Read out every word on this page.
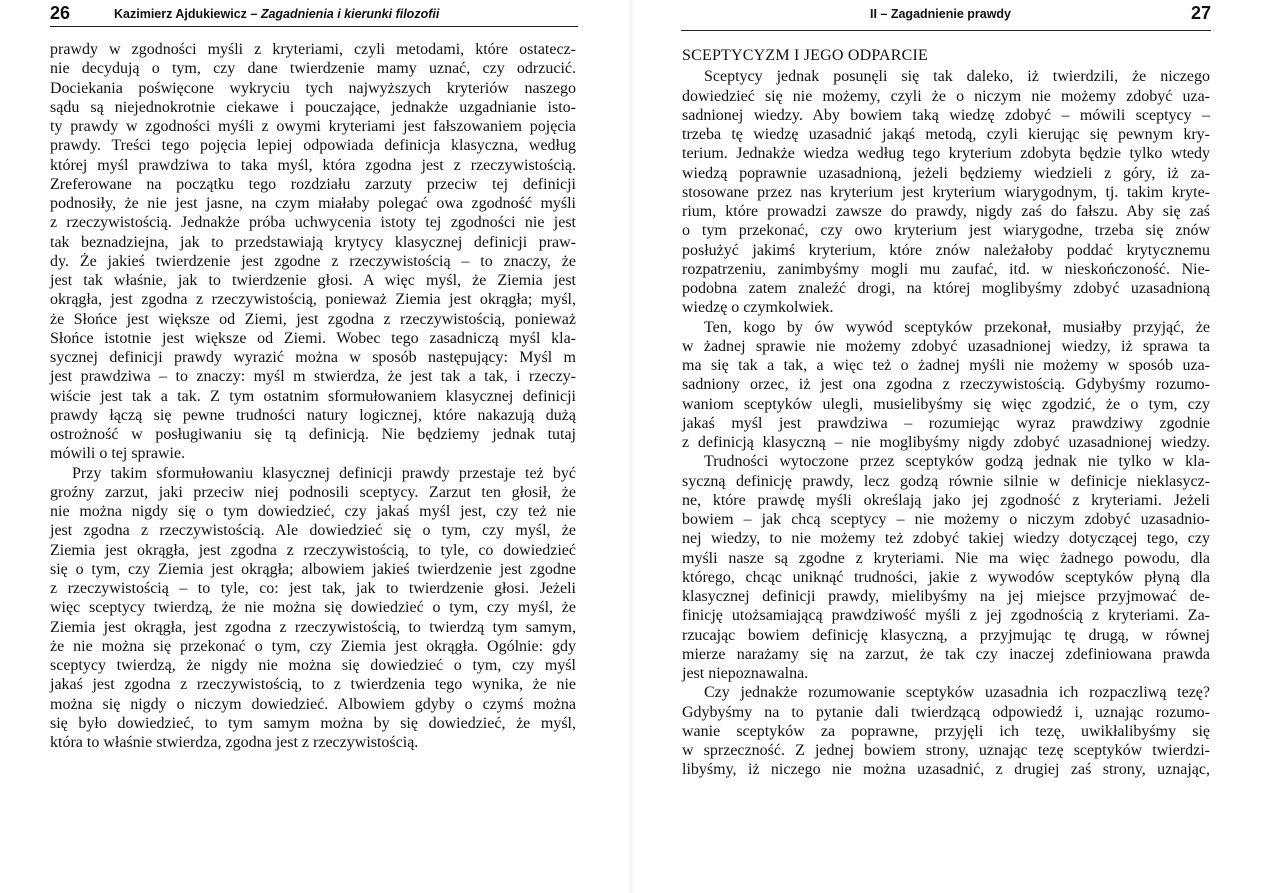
26	Kazimierz Ajdukiewicz – Zagadnienia i kierunki filozofii
prawdy w zgodności myśli z kryteriami, czyli metodami, które ostatecz-
nie decydują o tym, czy dane twierdzenie mamy uznać, czy odrzucić.
Dociekania poświęcone wykryciu tych najwyższych kryteriów naszego
sądu są niejednokrotnie ciekawe i pouczające, jednakże uzgadnianie isto-
ty prawdy w zgodności myśli z owymi kryteriami jest fałszowaniem pojęcia
prawdy. Treści tego pojęcia lepiej odpowiada definicja klasyczna, według
której myśl prawdziwa to taka myśl, która zgodna jest z rzeczywistością.
Zreferowane na początku tego rozdziału zarzuty przeciw tej definicji
podnosiły, że nie jest jasne, na czym miałaby polegać owa zgodność myśli
z rzeczywistością. Jednakże próba uchwycenia istoty tej zgodności nie jest
tak beznadziejna, jak to przedstawiają krytycy klasycznej definicji praw-
dy. Że jakieś twierdzenie jest zgodne z rzeczywistością – to znaczy, że
jest tak właśnie, jak to twierdzenie głosi. A więc myśl, że Ziemia jest
okrągła, jest zgodna z rzeczywistością, ponieważ Ziemia jest okrągła; myśl,
że Słońce jest większe od Ziemi, jest zgodna z rzeczywistością, ponieważ
Słońce istotnie jest większe od Ziemi. Wobec tego zasadniczą myśl kla-
sycznej definicji prawdy wyrazić można w sposób następujący: Myśl m
jest prawdziwa – to znaczy: myśl m stwierdza, że jest tak a tak, i rzeczy-
wiście jest tak a tak. Z tym ostatnim sformułowaniem klasycznej definicji
prawdy łączą się pewne trudności natury logicznej, które nakazują dużą
ostrożność w posługiwaniu się tą definicją. Nie będziemy jednak tutaj
mówili o tej sprawie.
Przy takim sformułowaniu klasycznej definicji prawdy przestaje też być
groźny zarzut, jaki przeciw niej podnosili sceptycy. Zarzut ten głosił, że
nie można nigdy się o tym dowiedzieć, czy jakaś myśl jest, czy też nie
jest zgodna z rzeczywistością. Ale dowiedzieć się o tym, czy myśl, że
Ziemia jest okrągła, jest zgodna z rzeczywistością, to tyle, co dowiedzieć
się o tym, czy Ziemia jest okrągła; albowiem jakieś twierdzenie jest zgodne
z rzeczywistością – to tyle, co: jest tak, jak to twierdzenie głosi. Jeżeli
więc sceptycy twierdzą, że nie można się dowiedzieć o tym, czy myśl, że
Ziemia jest okrągła, jest zgodna z rzeczywistością, to twierdzą tym samym,
że nie można się przekonać o tym, czy Ziemia jest okrągła. Ogólnie: gdy
sceptycy twierdzą, że nigdy nie można się dowiedzieć o tym, czy myśl
jakaś jest zgodna z rzeczywistością, to z twierdzenia tego wynika, że nie
można się nigdy o niczym dowiedzieć. Albowiem gdyby o czymś można
się było dowiedzieć, to tym samym można by się dowiedzieć, że myśl,
która to właśnie stwierdza, zgodna jest z rzeczywistością.
II – Zagadnienie prawdy	27
SCEPTYCYZM I JEGO ODPARCIE
Sceptycy jednak posunęli się tak daleko, iż twierdzili, że niczego
dowiedzieć się nie możemy, czyli że o niczym nie możemy zdobyć uza-
sadnionej wiedzy. Aby bowiem taką wiedzę zdobyć – mówili sceptycy –
trzeba tę wiedzę uzasadnić jakąś metodą, czyli kierując się pewnym kry-
terium. Jednakże wiedza według tego kryterium zdobyta będzie tylko wtedy
wiedzą poprawnie uzasadnioną, jeżeli będziemy wiedzieli z góry, iż za-
stosowane przez nas kryterium jest kryterium wiarygodnym, tj. takim kryte-
rium, które prowadzi zawsze do prawdy, nigdy zaś do fałszu. Aby się zaś
o tym przekonać, czy owo kryterium jest wiarygodne, trzeba się znów
posłużyć jakimś kryterium, które znów należałoby poddać krytycznemu
rozpatrzeniu, zanimbyśmy mogli mu zaufać, itd. w nieskończoność. Nie-
podobna zatem znaleźć drogi, na której moglibyśmy zdobyć uzasadnioną
wiedzę o czymkolwiek.
Ten, kogo by ów wywód sceptyków przekonał, musiałby przyjąć, że
w żadnej sprawie nie możemy zdobyć uzasadnionej wiedzy, iż sprawa ta
ma się tak a tak, a więc też o żadnej myśli nie możemy w sposób uza-
sadniony orzec, iż jest ona zgodna z rzeczywistością. Gdybyśmy rozumo-
waniom sceptyków ulegli, musielibyśmy się więc zgodzić, że o tym, czy
jakaś myśl jest prawdziwa – rozumiejąc wyraz prawdziwy zgodnie
z definicją klasyczną – nie moglibyśmy nigdy zdobyć uzasadnionej wiedzy.
Trudności wytoczone przez sceptyków godzą jednak nie tylko w kla-
syczną definicję prawdy, lecz godzą równie silnie w definicje nieklasycz-
ne, które prawdę myśli określają jako jej zgodność z kryteriami. Jeżeli
bowiem – jak chcą sceptycy – nie możemy o niczym zdobyć uzasadnio-
nej wiedzy, to nie możemy też zdobyć takiej wiedzy dotyczącej tego, czy
myśli nasze są zgodne z kryteriami. Nie ma więc żadnego powodu, dla
którego, chcąc uniknąć trudności, jakie z wywodów sceptyków płyną dla
klasycznej definicji prawdy, mielibyśmy na jej miejsce przyjmować de-
finicję utożsamiającą prawdziwość myśli z jej zgodnością z kryteriami. Za-
rzucając bowiem definicję klasyczną, a przyjmując tę drugą, w równej
mierze narażamy się na zarzut, że tak czy inaczej zdefiniowana prawda
jest niepoznawalna.
Czy jednakże rozumowanie sceptyków uzasadnia ich rozpaczliwą tezę?
Gdybyśmy na to pytanie dali twierdzącą odpowiedź i, uznając rozumo-
wanie sceptyków za poprawne, przyjęli ich tezę, uwikłalibyśmy się
w sprzeczność. Z jednej bowiem strony, uznając tezę sceptyków twierdzi-
libyśmy, iż niczego nie można uzasadnić, z drugiej zaś strony, uznając,
